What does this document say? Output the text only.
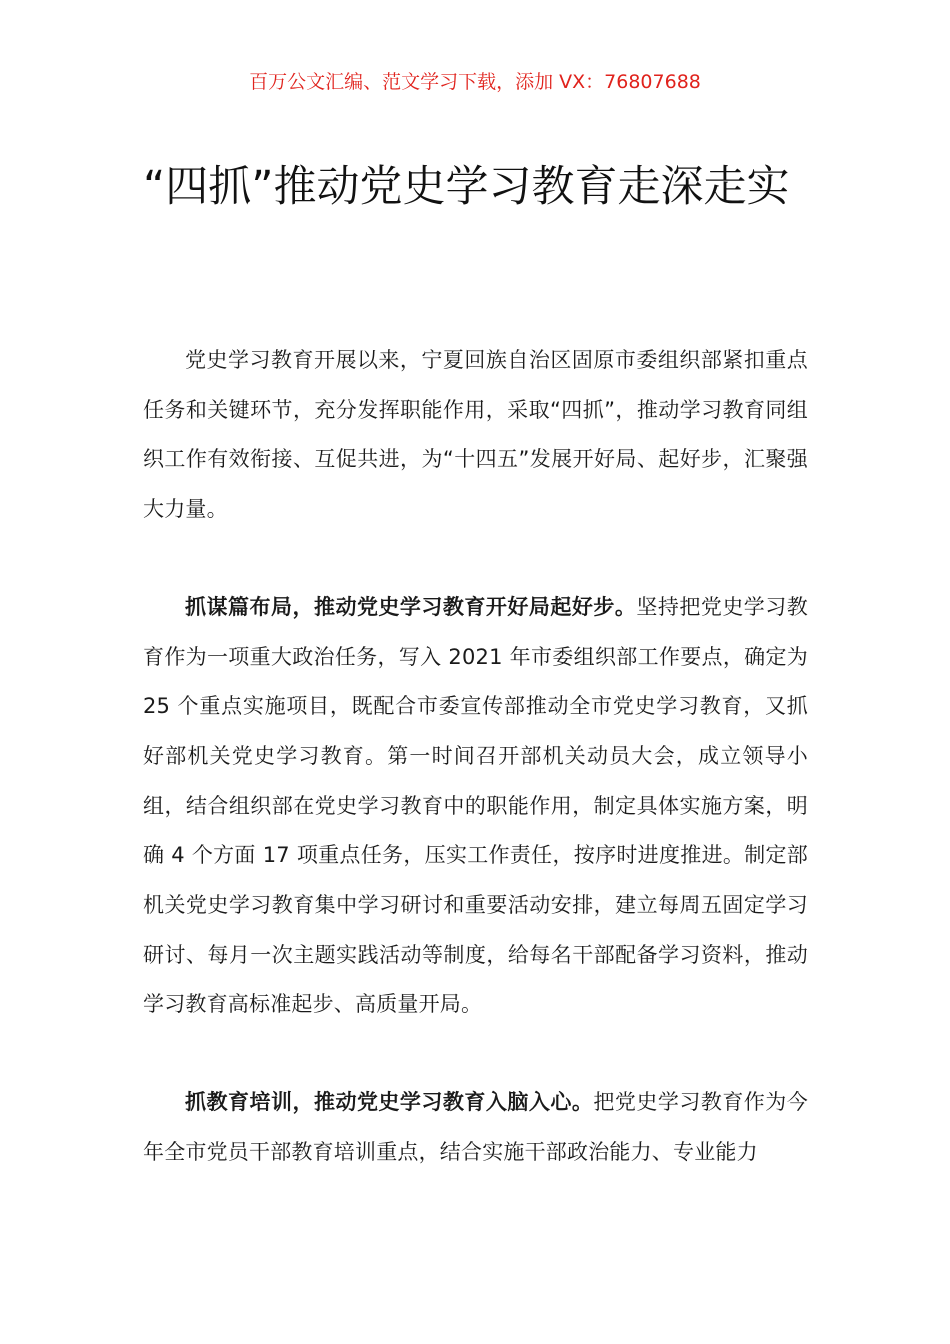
百万公文汇编、范文学习下载，添加 VX：76807688
“四抓”推动党史学习教育走深走实

党史学习教育开展以来，宁夏回族自治区固原市委组织部紧扣重点任务和关键环节，充分发挥职能作用，采取“四抓”，推动学习教育同组织工作有效衔接、互促共进，为“十四五”发展开好局、起好步，汇聚强大力量。

抓谋篇布局，推动党史学习教育开好局起好步。坚持把党史学习教育作为一项重大政治任务，写入 2021 年市委组织部工作要点，确定为 25 个重点实施项目，既配合市委宣传部推动全市党史学习教育，又抓好部机关党史学习教育。第一时间召开部机关动员大会，成立领导小组，结合组织部在党史学习教育中的职能作用，制定具体实施方案，明确 4 个方面 17 项重点任务，压实工作责任，按序时进度推进。制定部机关党史学习教育集中学习研讨和重要活动安排，建立每周五固定学习研讨、每月一次主题实践活动等制度，给每名干部配备学习资料，推动学习教育高标准起步、高质量开局。

抓教育培训，推动党史学习教育入脑入心。把党史学习教育作为今年全市党员干部教育培训重点，结合实施干部政治能力、专业能力
